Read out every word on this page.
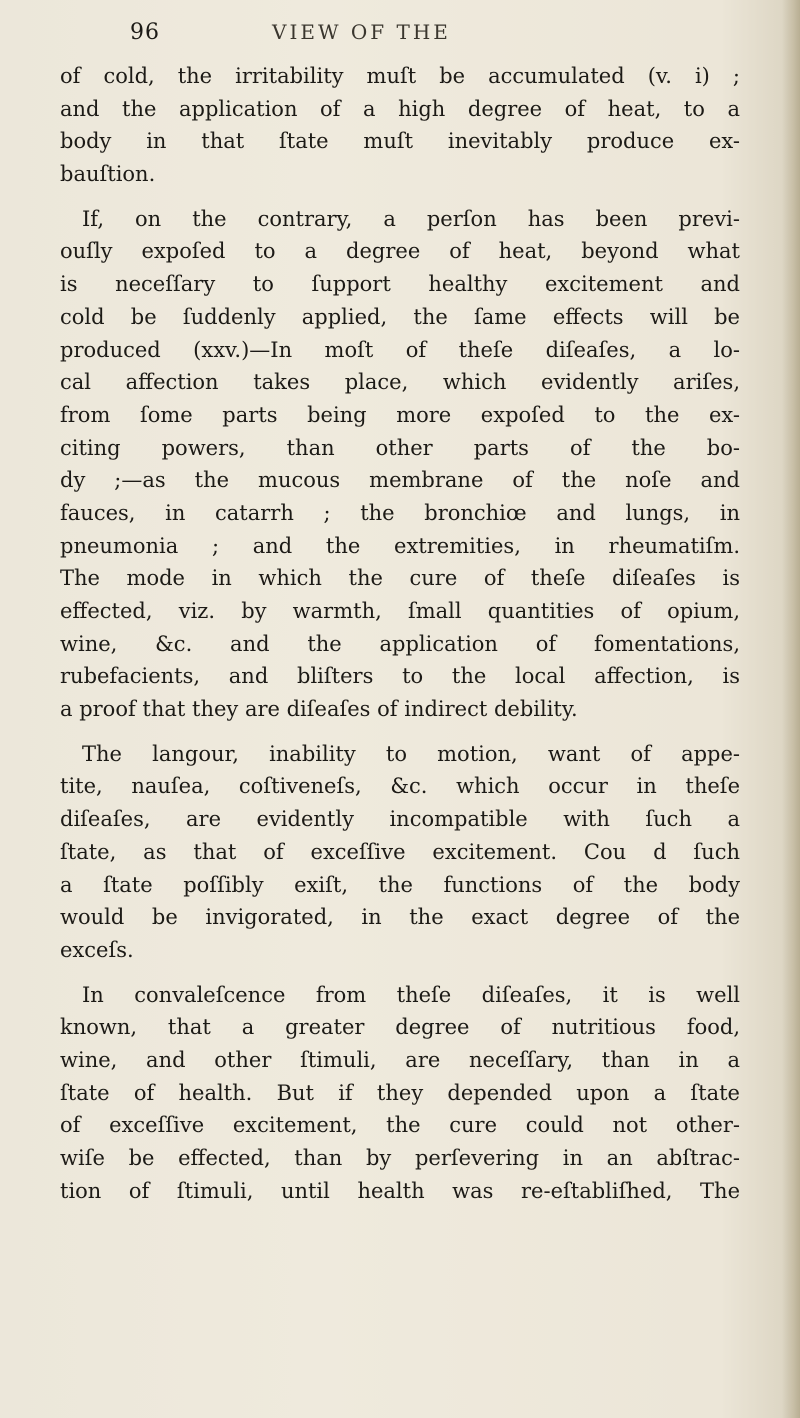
96	VIEW OF THE
of cold, the irritability muſt be accumulated (v. i) ;
and the application of a high degree of heat, to a
body in that ſtate muſt inevitably produce ex-
bauſtion.
If, on the contrary, a perſon has been previ-
ouſly expoſed to a degree of heat, beyond what
is neceſſary to ſupport healthy excitement and
cold be ſuddenly applied, the ſame effects will be
produced (xxv.)—In moſt of theſe diſeaſes, a lo-
cal affection takes place, which evidently ariſes,
from ſome parts being more expoſed to the ex-
citing powers, than other parts of the bo-
dy ;—as the mucous membrane of the noſe and
fauces, in catarrh ; the bronchiœ and lungs, in
pneumonia ; and the extremities, in rheumatiſm.
The mode in which the cure of theſe diſeaſes is
effected, viz. by warmth, ſmall quantities of opium,
wine, &c. and the application of fomentations,
rubefacients, and bliſters to the local affection, is
a proof that they are diſeaſes of indirect debility.
The langour, inability to motion, want of appe-
tite, nauſea, coſtiveneſs, &c. which occur in theſe
diſeaſes, are evidently incompatible with ſuch a
ſtate, as that of exceſſive excitement. Cou d ſuch
a ſtate poſſibly exiſt, the functions of the body
would be invigorated, in the exact degree of the
exceſs.
In convaleſcence from theſe diſeaſes, it is well
known, that a greater degree of nutritious food,
wine, and other ſtimuli, are neceſſary, than in a
ſtate of health. But if they depended upon a ſtate
of exceſſive excitement, the cure could not other-
wiſe be effected, than by perſevering in an abſtrac-
tion of ſtimuli, until health was re-eſtabliſhed, The
